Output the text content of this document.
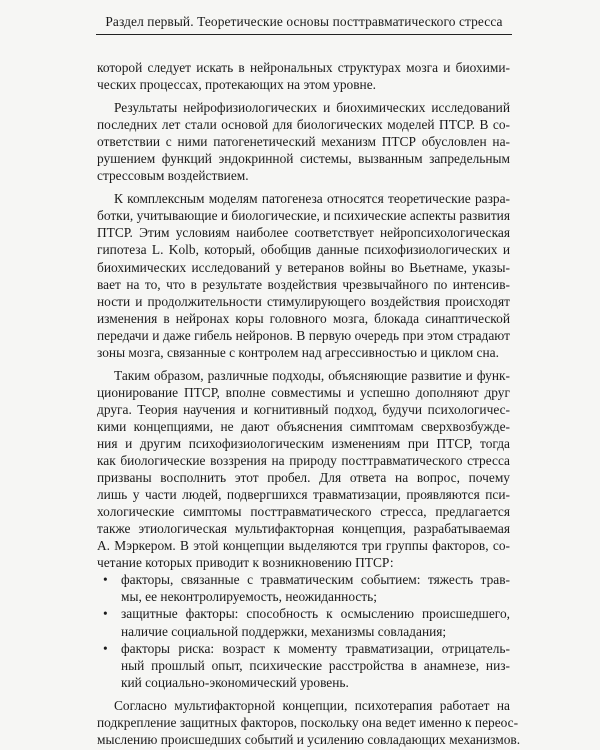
Раздел первый. Теоретические основы посттравматического стресса
которой следует искать в нейрональных структурах мозга и биохими-
ческих процессах, протекающих на этом уровне.
Результаты нейрофизиологических и биохимических исследований
последних лет стали основой для биологических моделей ПТСР. В со-
ответствии с ними патогенетический механизм ПТСР обусловлен на-
рушением функций эндокринной системы, вызванным запредельным
стрессовым воздействием.
К комплексным моделям патогенеза относятся теоретические разра-
ботки, учитывающие и биологические, и психические аспекты развития
ПТСР. Этим условиям наиболее соответствует нейропсихологическая
гипотеза L. Kolb, который, обобщив данные психофизиологических и
биохимических исследований у ветеранов войны во Вьетнаме, указы-
вает на то, что в результате воздействия чрезвычайного по интенсив-
ности и продолжительности стимулирующего воздействия происходят
изменения в нейронах коры головного мозга, блокада синаптической
передачи и даже гибель нейронов. В первую очередь при этом страдают
зоны мозга, связанные с контролем над агрессивностью и циклом сна.
Таким образом, различные подходы, объясняющие развитие и функ-
ционирование ПТСР, вполне совместимы и успешно дополняют друг
друга. Теория научения и когнитивный подход, будучи психологичес-
кими концепциями, не дают объяснения симптомам сверхвозбужде-
ния и другим психофизиологическим изменениям при ПТСР, тогда
как биологические воззрения на природу посттравматического стресса
призваны восполнить этот пробел. Для ответа на вопрос, почему
лишь у части людей, подвергшихся травматизации, проявляются пси-
хологические симптомы посттравматического стресса, предлагается
также этиологическая мультифакторная концепция, разрабатываемая
А. Мэркером. В этой концепции выделяются три группы факторов, со-
четание которых приводит к возникновению ПТСР:
• факторы, связанные с травматическим событием: тяжесть трав-
мы, ее неконтролируемость, неожиданность;
• защитные факторы: способность к осмыслению происшедшего,
наличие социальной поддержки, механизмы совладания;
• факторы риска: возраст к моменту травматизации, отрицатель-
ный прошлый опыт, психические расстройства в анамнезе, низ-
кий социально-экономический уровень.
Согласно мультифакторной концепции, психотерапия работает на
подкрепление защитных факторов, поскольку она ведет именно к переос-
мыслению происшедших событий и усилению совладающих механизмов.
